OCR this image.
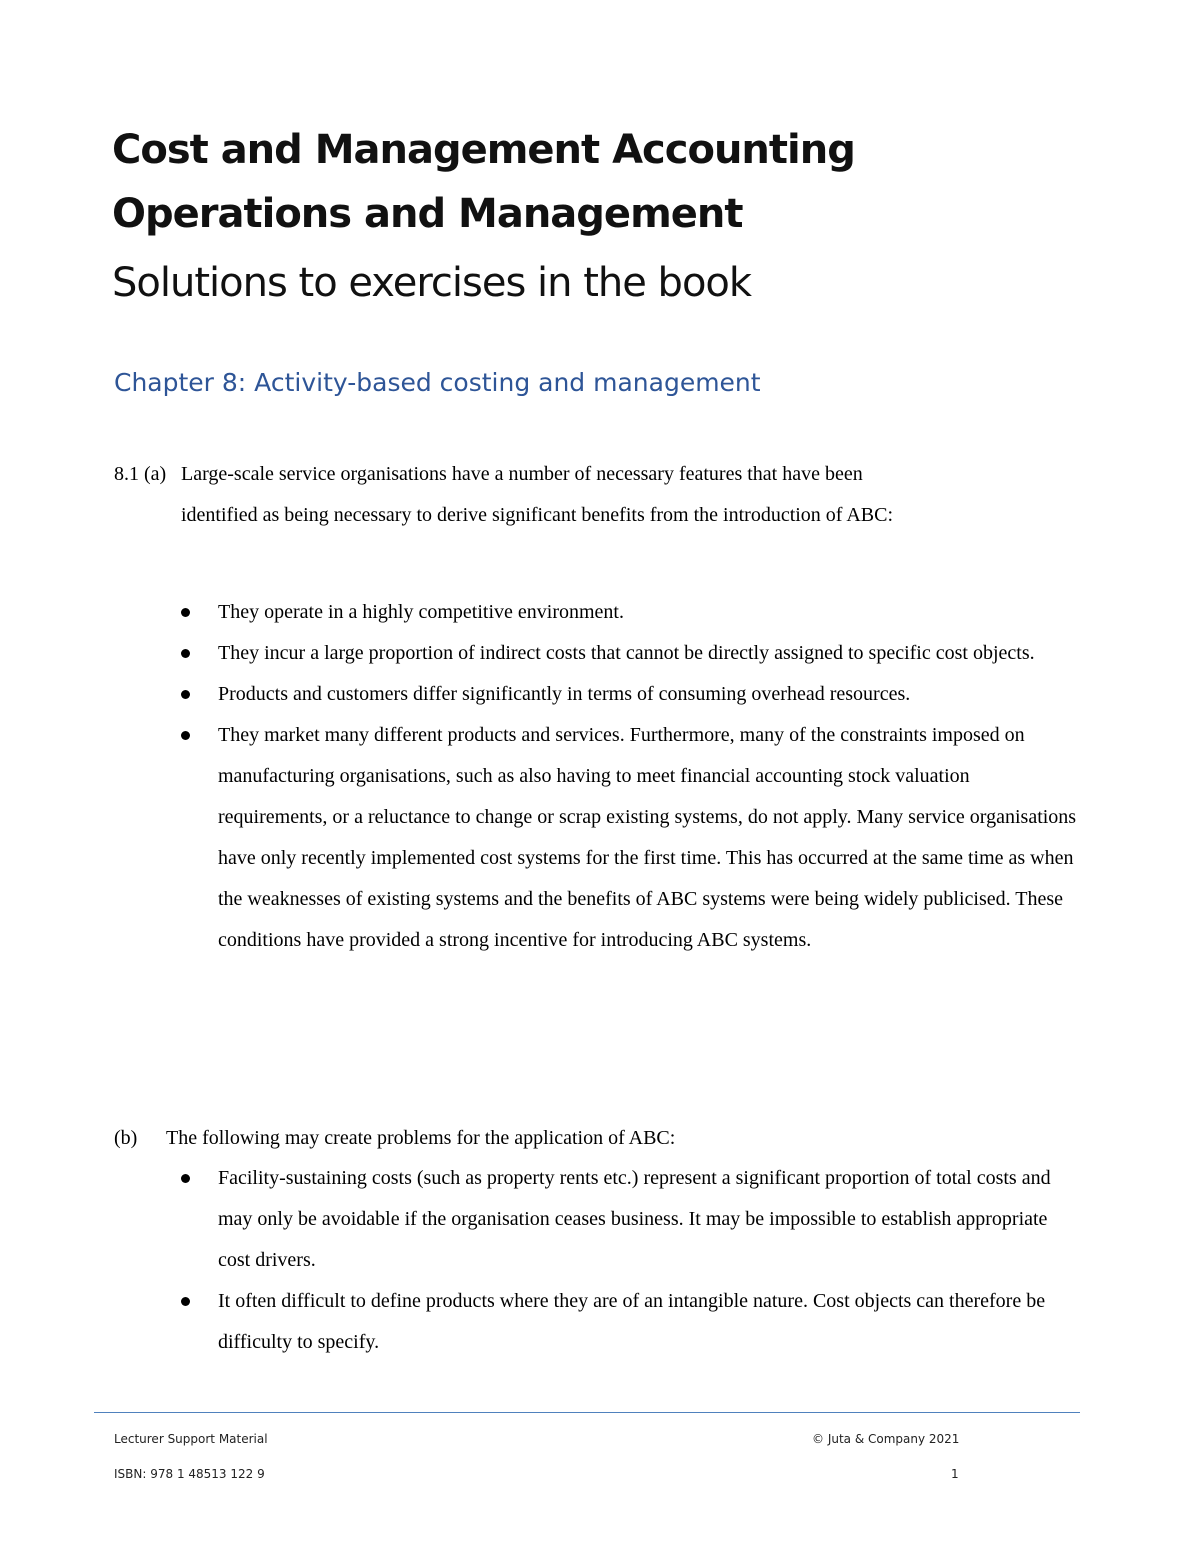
Cost and Management Accounting
Operations and Management
Solutions to exercises in the book
Chapter 8: Activity-based costing and management
8.1 (a) Large-scale service organisations have a number of necessary features that have been
identified as being necessary to derive significant benefits from the introduction of ABC:
They operate in a highly competitive environment.
They incur a large proportion of indirect costs that cannot be directly assigned to specific cost objects.
Products and customers differ significantly in terms of consuming overhead resources.
They market many different products and services. Furthermore, many of the constraints imposed on manufacturing organisations, such as also having to meet financial accounting stock valuation requirements, or a reluctance to change or scrap existing systems, do not apply. Many service organisations have only recently implemented cost systems for the first time. This has occurred at the same time as when the weaknesses of existing systems and the benefits of ABC systems were being widely publicised. These conditions have provided a strong incentive for introducing ABC systems.
(b) The following may create problems for the application of ABC:
Facility-sustaining costs (such as property rents etc.) represent a significant proportion of total costs and may only be avoidable if the organisation ceases business. It may be impossible to establish appropriate cost drivers.
It often difficult to define products where they are of an intangible nature. Cost objects can therefore be difficulty to specify.
Lecturer Support Material
ISBN: 978 1 48513 122 9
© Juta & Company 2021
1
